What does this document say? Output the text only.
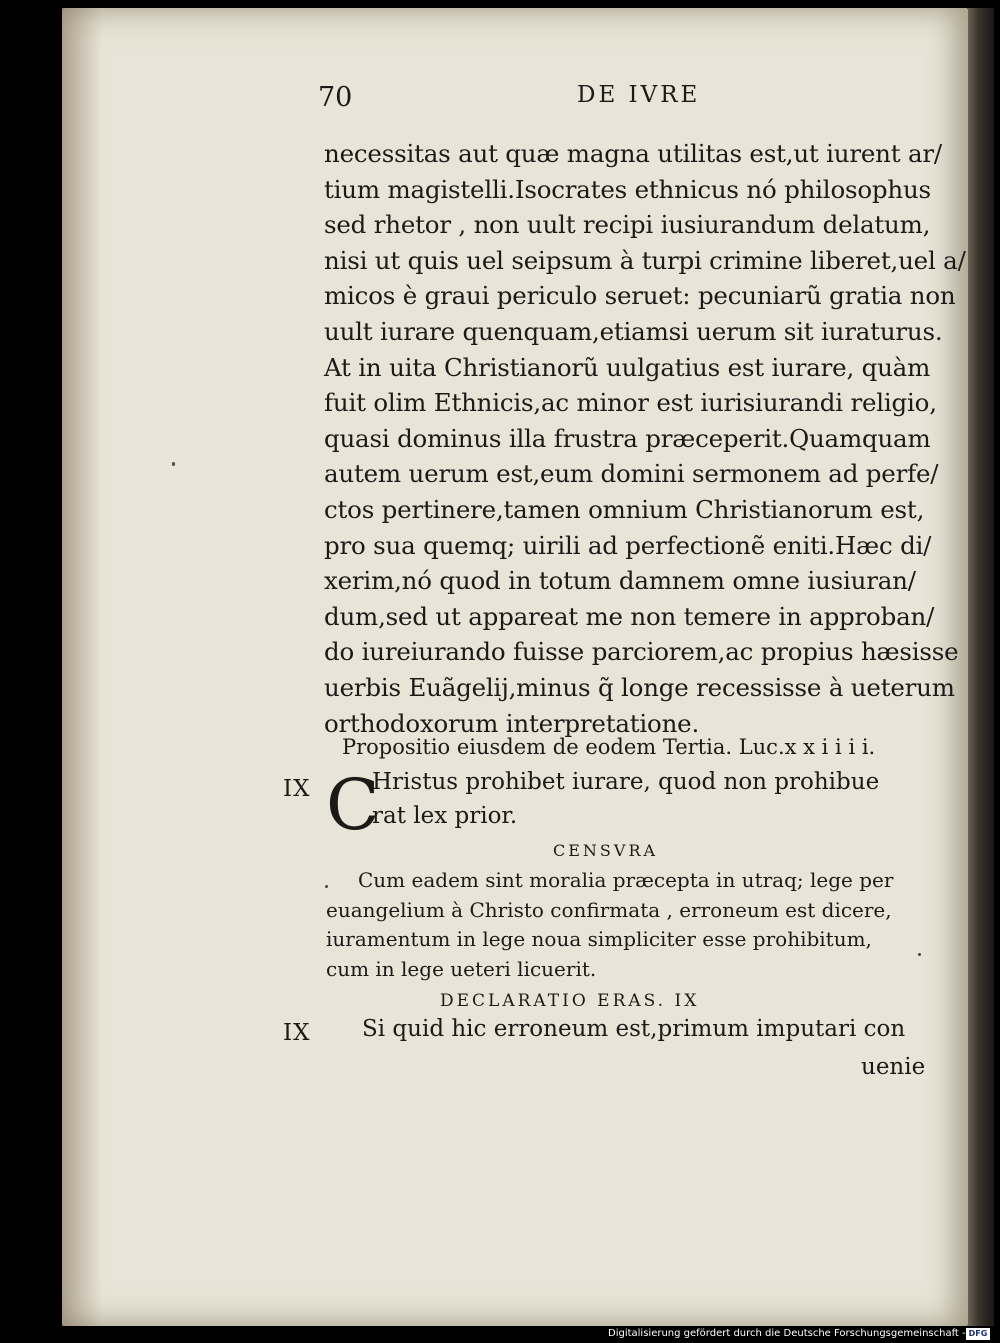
70	DE IVRE
necessitas aut quæ magna utilitas est,ut iurent ar/
tium magistelli.Isocrates ethnicus nó philosophus
sed rhetor , non uult recipi iusiurandum delatum,
nisi ut quis uel seipsum à turpi crimine liberet,uel a/
micos è graui periculo seruet: pecuniarũ gratia non
uult iurare quenquam,etiamsi uerum sit iuraturus.
At in uita Christianorũ uulgatius est iurare, quàm
fuit olim Ethnicis,ac minor est iurisiurandi religio,
quasi dominus illa frustra præceperit.Quamquam
autem uerum est,eum domini sermonem ad perfe/
ctos pertinere,tamen omnium Christianorum est,
pro sua quemq; uirili ad perfectionẽ eniti.Hæc di/
xerim,nó quod in totum damnem omne iusiuran/
dum,sed ut appareat me non temere in approban/
do iureiurando fuisse parciorem,ac propius hæsisse
uerbis Euãgelij,minus q̃ longe recessisse à ueterum
orthodoxorum interpretatione.
Propositio eiusdem de eodem Tertia. Luc.x x i i i i.
IX C
Hristus prohibet iurare, quod non prohibue
rat lex prior.
CENSVRA
Cum eadem sint moralia præcepta in utraq; lege per
euangelium à Christo confirmata , erroneum est dicere,
iuramentum in lege noua simpliciter esse prohibitum,
cum in lege ueteri licuerit.
DECLARATIO ERAS. IX
IX Si quid hic erroneum est,primum imputari con
uenie
Digitalisierung gefördert durch die Deutsche Forschungsgemeinschaft - DFG
